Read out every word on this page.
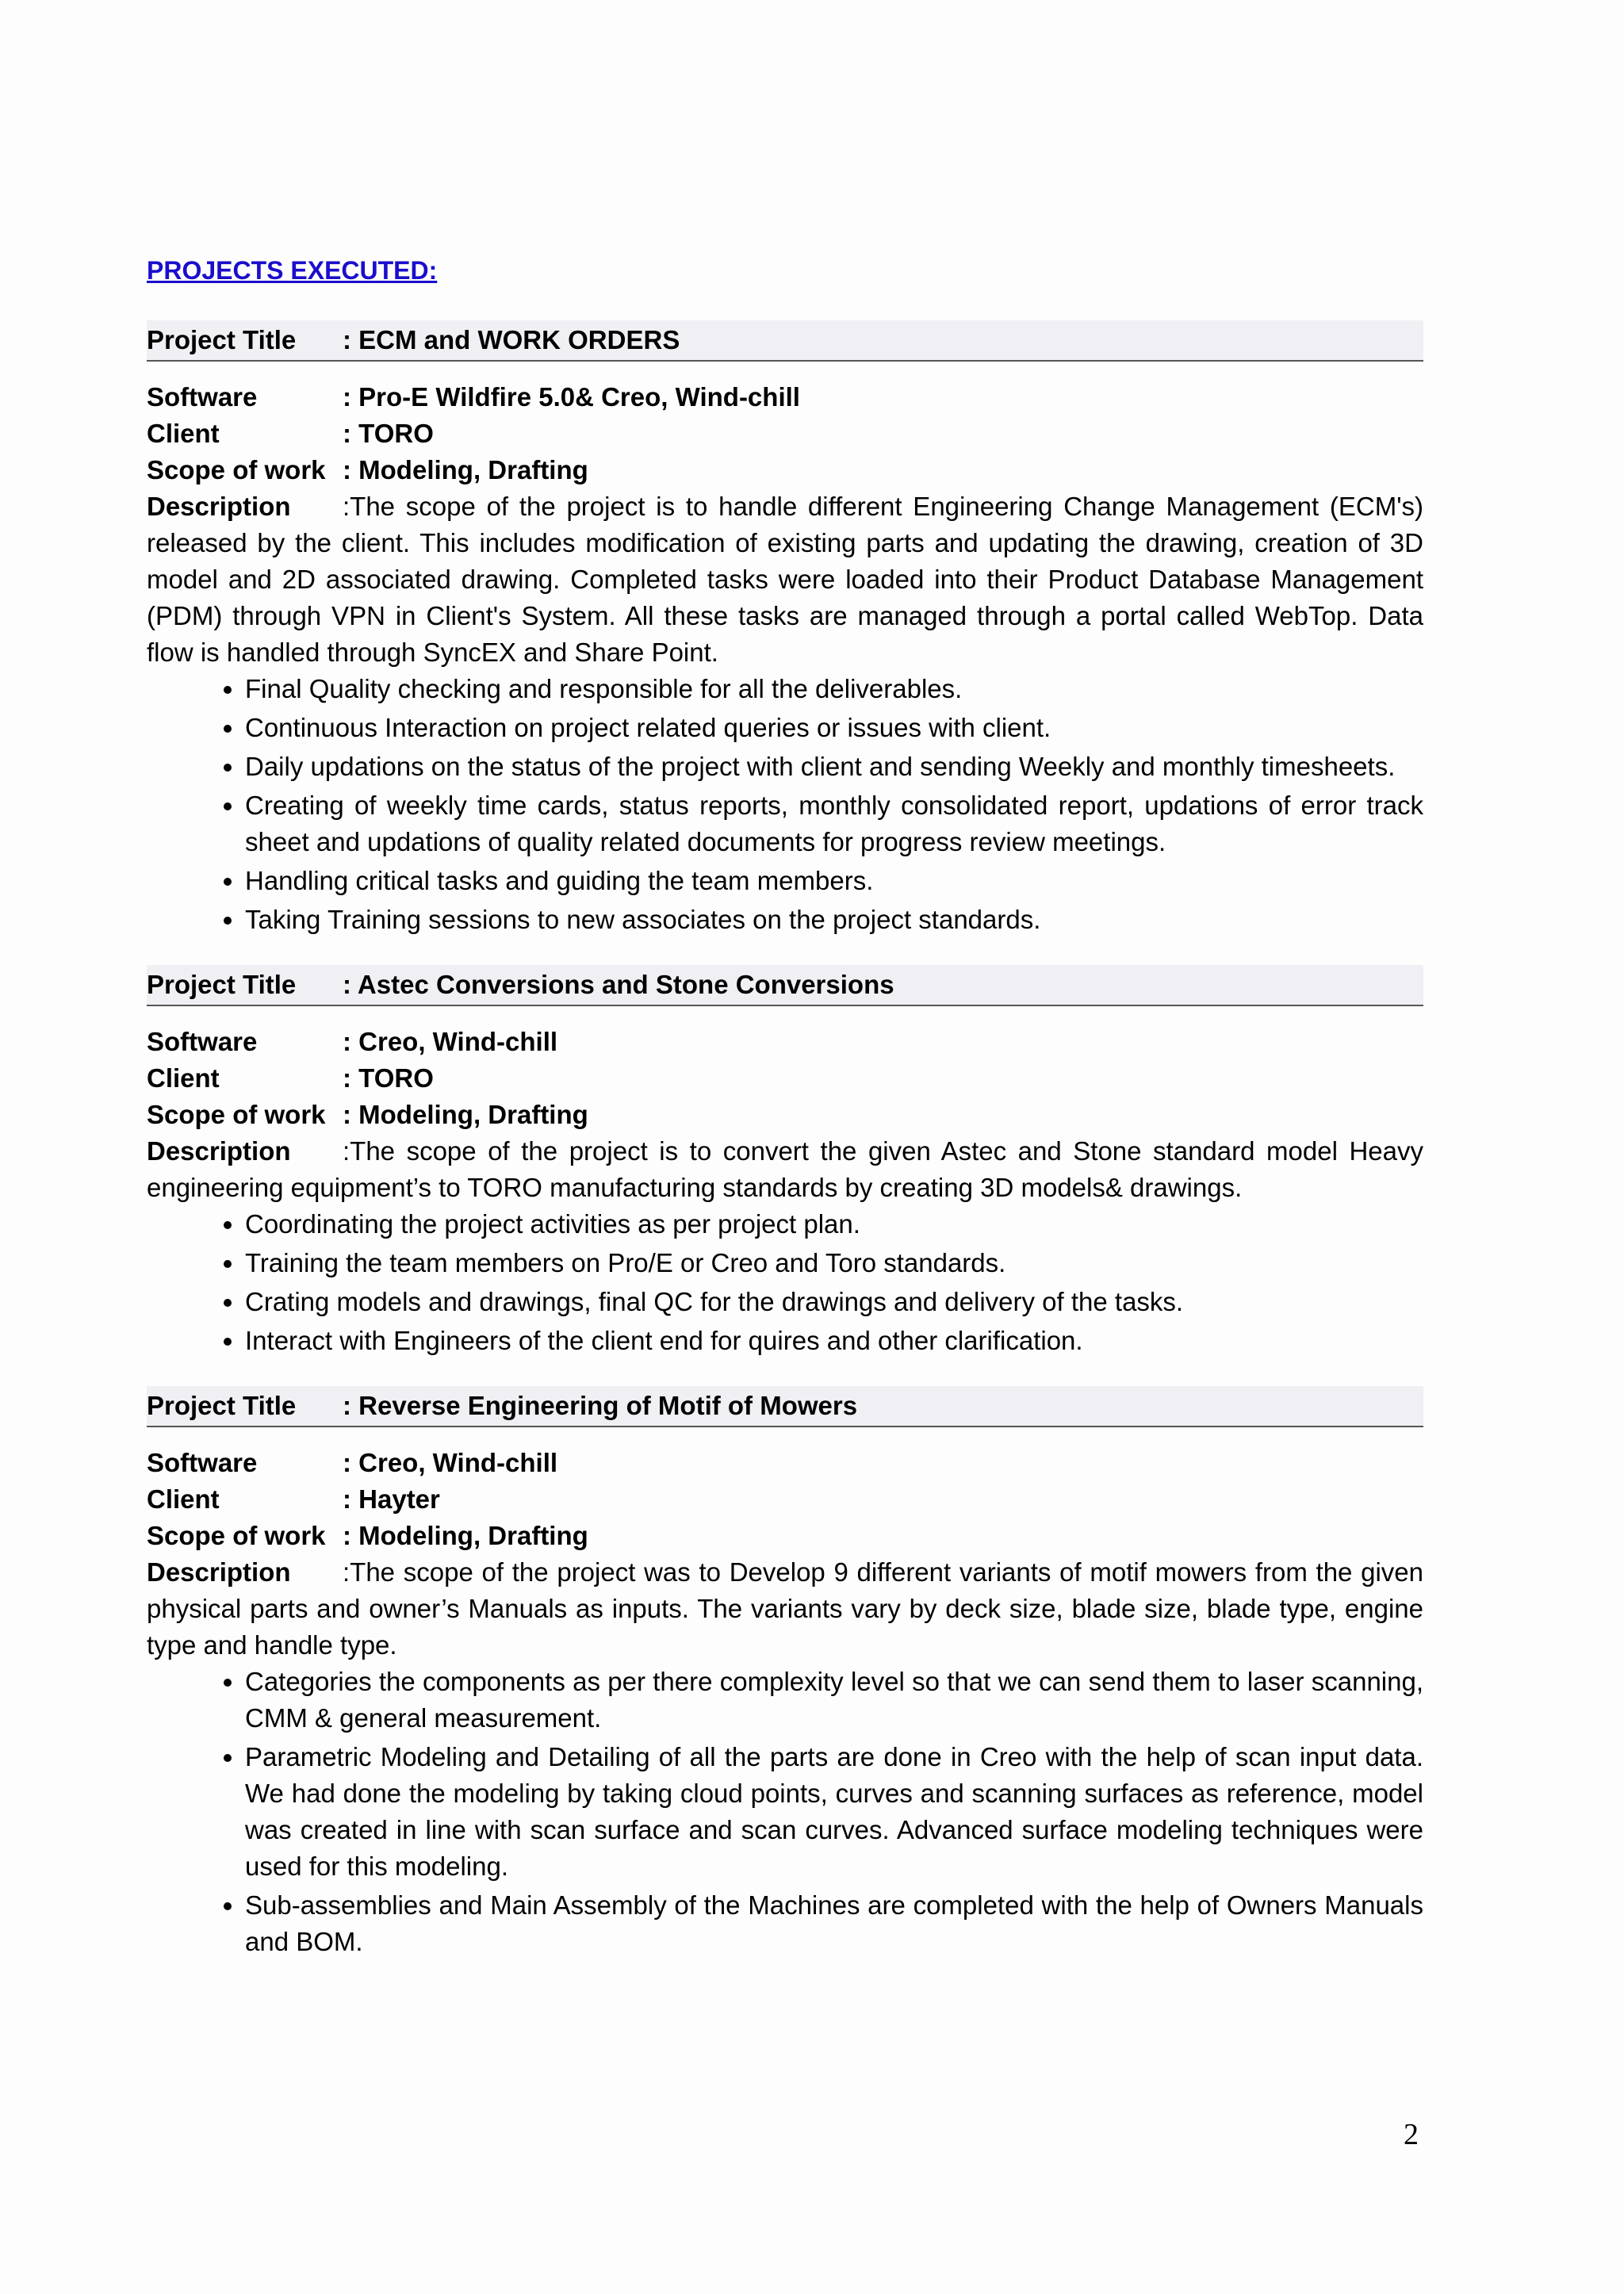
PROJECTS EXECUTED:
Project Title	: ECM and WORK ORDERS
Software	: Pro-E Wildfire 5.0& Creo, Wind-chill
Client	: TORO
Scope of work : Modeling, Drafting
Description :The scope of the project is to handle different Engineering Change Management (ECM's) released by the client. This includes modification of existing parts and updating the drawing, creation of 3D model and 2D associated drawing. Completed tasks were loaded into their Product Database Management (PDM) through VPN in Client's System. All these tasks are managed through a portal called WebTop. Data flow is handled through SyncEX and Share Point.
• Final Quality checking and responsible for all the deliverables.
• Continuous Interaction on project related queries or issues with client.
• Daily updations on the status of the project with client and sending Weekly and monthly timesheets.
• Creating of weekly time cards, status reports, monthly consolidated report, updations of error track sheet and updations of quality related documents for progress review meetings.
• Handling critical tasks and guiding the team members.
• Taking Training sessions to new associates on the project standards.
Project Title	: Astec Conversions and Stone Conversions
Software	: Creo, Wind-chill
Client	: TORO
Scope of work : Modeling, Drafting
Description :The scope of the project is to convert the given Astec and Stone standard model Heavy engineering equipment’s to TORO manufacturing standards by creating 3D models& drawings.
• Coordinating the project activities as per project plan.
• Training the team members on Pro/E or Creo and Toro standards.
• Crating models and drawings, final QC for the drawings and delivery of the tasks.
• Interact with Engineers of the client end for quires and other clarification.
Project Title	: Reverse Engineering of Motif of Mowers
Software	: Creo, Wind-chill
Client	: Hayter
Scope of work : Modeling, Drafting
Description :The scope of the project was to Develop 9 different variants of motif mowers from the given physical parts and owner’s Manuals as inputs. The variants vary by deck size, blade size, blade type, engine type and handle type.
• Categories the components as per there complexity level so that we can send them to laser scanning, CMM & general measurement.
• Parametric Modeling and Detailing of all the parts are done in Creo with the help of scan input data. We had done the modeling by taking cloud points, curves and scanning surfaces as reference, model was created in line with scan surface and scan curves. Advanced surface modeling techniques were used for this modeling.
• Sub-assemblies and Main Assembly of the Machines are completed with the help of Owners Manuals and BOM.
2
